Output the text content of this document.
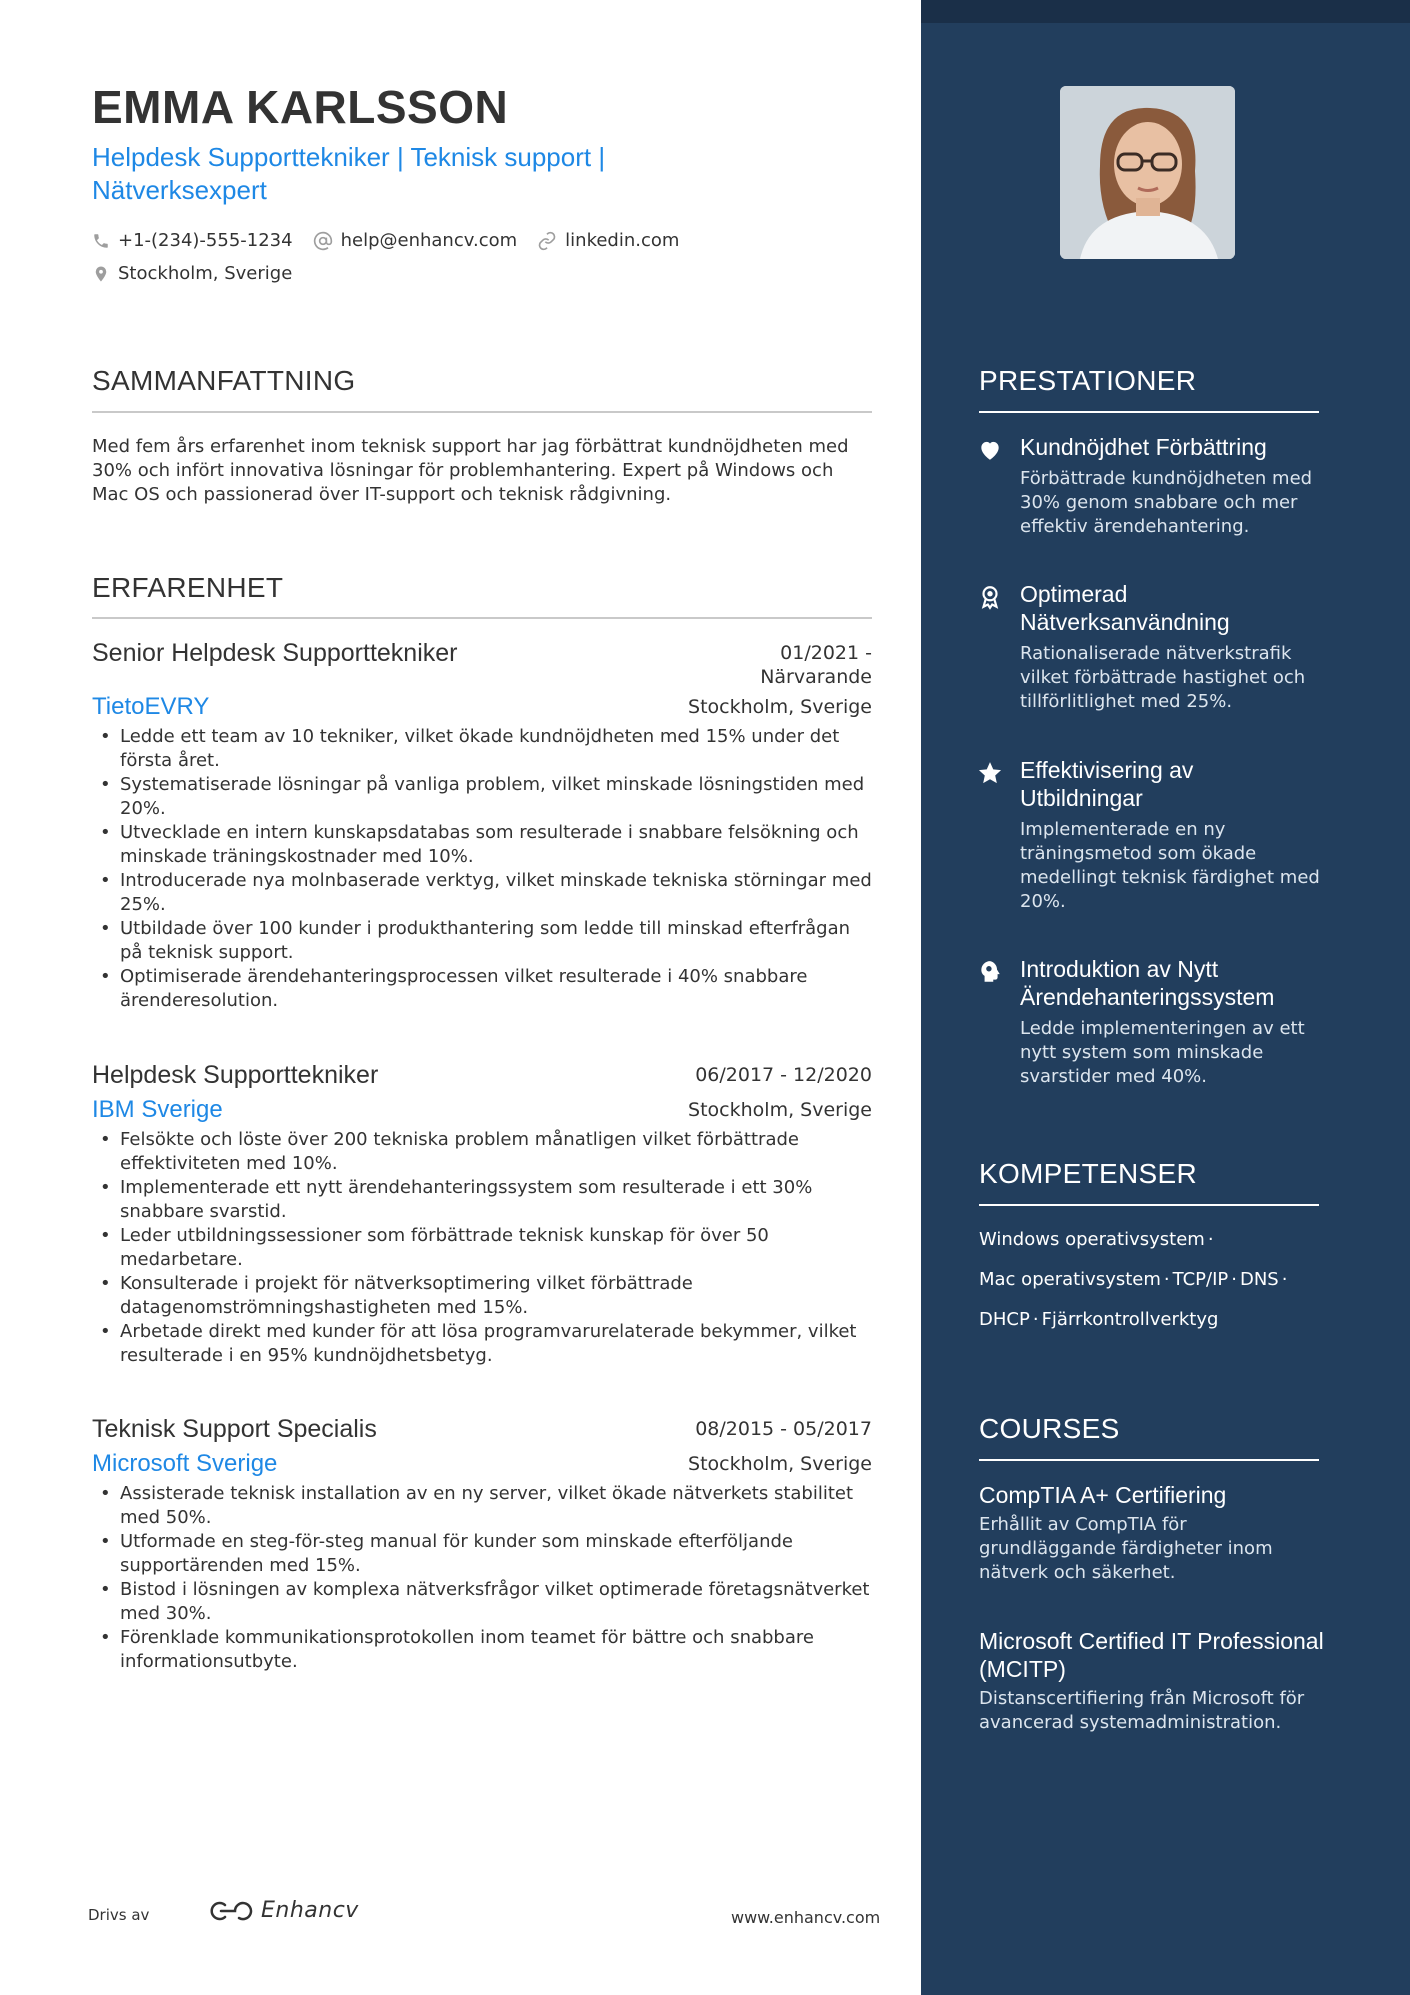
EMMA KARLSSON
Helpdesk Supporttekniker | Teknisk support | Nätverksexpert
+1-(234)-555-1234	help@enhancv.com	linkedin.com
Stockholm, Sverige
SAMMANFATTNING
Med fem års erfarenhet inom teknisk support har jag förbättrat kundnöjdheten med 30% och infört innovativa lösningar för problemhantering. Expert på Windows och Mac OS och passionerad över IT-support och teknisk rådgivning.
ERFARENHET
Senior Helpdesk Supporttekniker	01/2021 -
Närvarande
TietoEVRY	Stockholm, Sverige
• Ledde ett team av 10 tekniker, vilket ökade kundnöjdheten med 15% under det första året.
• Systematiserade lösningar på vanliga problem, vilket minskade lösningstiden med 20%.
• Utvecklade en intern kunskapsdatabas som resulterade i snabbare felsökning och minskade träningskostnader med 10%.
• Introducerade nya molnbaserade verktyg, vilket minskade tekniska störningar med 25%.
• Utbildade över 100 kunder i produkthantering som ledde till minskad efterfrågan på teknisk support.
• Optimiserade ärendehanteringsprocessen vilket resulterade i 40% snabbare ärenderesolution.
Helpdesk Supporttekniker	06/2017 - 12/2020
IBM Sverige	Stockholm, Sverige
• Felsökte och löste över 200 tekniska problem månatligen vilket förbättrade effektiviteten med 10%.
• Implementerade ett nytt ärendehanteringssystem som resulterade i ett 30% snabbare svarstid.
• Leder utbildningssessioner som förbättrade teknisk kunskap för över 50 medarbetare.
• Konsulterade i projekt för nätverksoptimering vilket förbättrade datagenomströmningshastigheten med 15%.
• Arbetade direkt med kunder för att lösa programvarurelaterade bekymmer, vilket resulterade i en 95% kundnöjdhetsbetyg.
Teknisk Support Specialis	08/2015 - 05/2017
Microsoft Sverige	Stockholm, Sverige
• Assisterade teknisk installation av en ny server, vilket ökade nätverkets stabilitet med 50%.
• Utformade en steg-för-steg manual för kunder som minskade efterföljande supportärenden med 15%.
• Bistod i lösningen av komplexa nätverksfrågor vilket optimerade företagsnätverket med 30%.
• Förenklade kommunikationsprotokollen inom teamet för bättre och snabbare informationsutbyte.
PRESTATIONER
Kundnöjdhet Förbättring
Förbättrade kundnöjdheten med 30% genom snabbare och mer effektiv ärendehantering.
Optimerad Nätverksanvändning
Rationaliserade nätverkstrafik vilket förbättrade hastighet och tillförlitlighet med 25%.
Effektivisering av Utbildningar
Implementerade en ny träningsmetod som ökade medellingt teknisk färdighet med 20%.
Introduktion av Nytt Ärendehanteringssystem
Ledde implementeringen av ett nytt system som minskade svarstider med 40%.
KOMPETENSER
Windows operativsystem ·
Mac operativsystem · TCP/IP · DNS ·
DHCP · Fjärrkontrollverktyg
COURSES
CompTIA A+ Certifiering
Erhållit av CompTIA för grundläggande färdigheter inom nätverk och säkerhet.
Microsoft Certified IT Professional (MCITP)
Distanscertifiering från Microsoft för avancerad systemadministration.
Drivs av	Enhancv	www.enhancv.com
